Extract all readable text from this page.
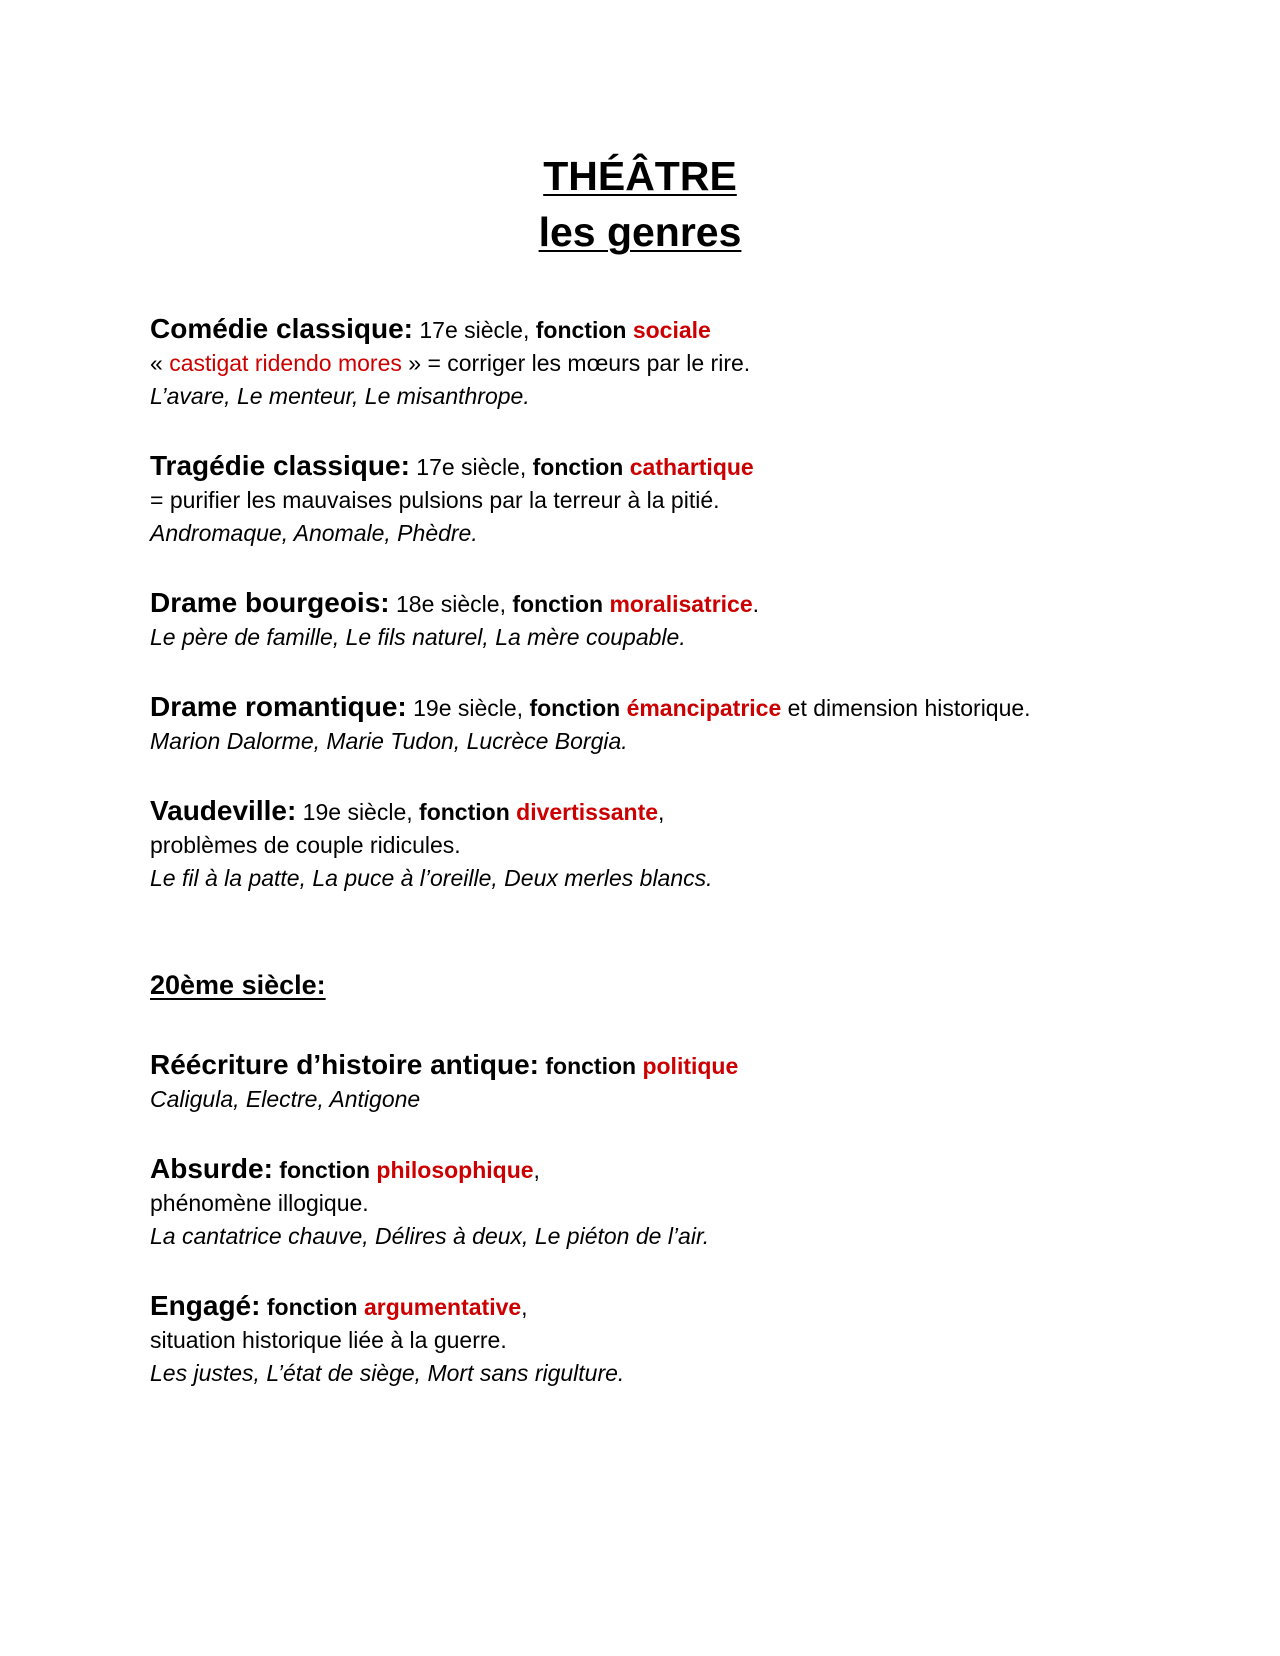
THÉÂTRE
les genres
Comédie classique: 17e siècle, fonction sociale
« castigat ridendo mores » = corriger les mœurs par le rire.
L’avare, Le menteur, Le misanthrope.
Tragédie classique: 17e siècle, fonction cathartique
= purifier les mauvaises pulsions par la terreur à la pitié.
Andromaque, Anomale, Phèdre.
Drame bourgeois: 18e siècle, fonction moralisatrice.
Le père de famille, Le fils naturel, La mère coupable.
Drame romantique: 19e siècle, fonction émancipatrice et dimension historique.
Marion Dalorme, Marie Tudon, Lucrèce Borgia.
Vaudeville: 19e siècle, fonction divertissante,
problèmes de couple ridicules.
Le fil à la patte, La puce à l’oreille, Deux merles blancs.
20ème siècle:
Réécriture d’histoire antique: fonction politique
Caligula, Electre, Antigone
Absurde: fonction philosophique,
phénomène illogique.
La cantatrice chauve, Délires à deux, Le piéton de l’air.
Engagé: fonction argumentative,
situation historique liée à la guerre.
Les justes, L’état de siège, Mort sans rigulture.
